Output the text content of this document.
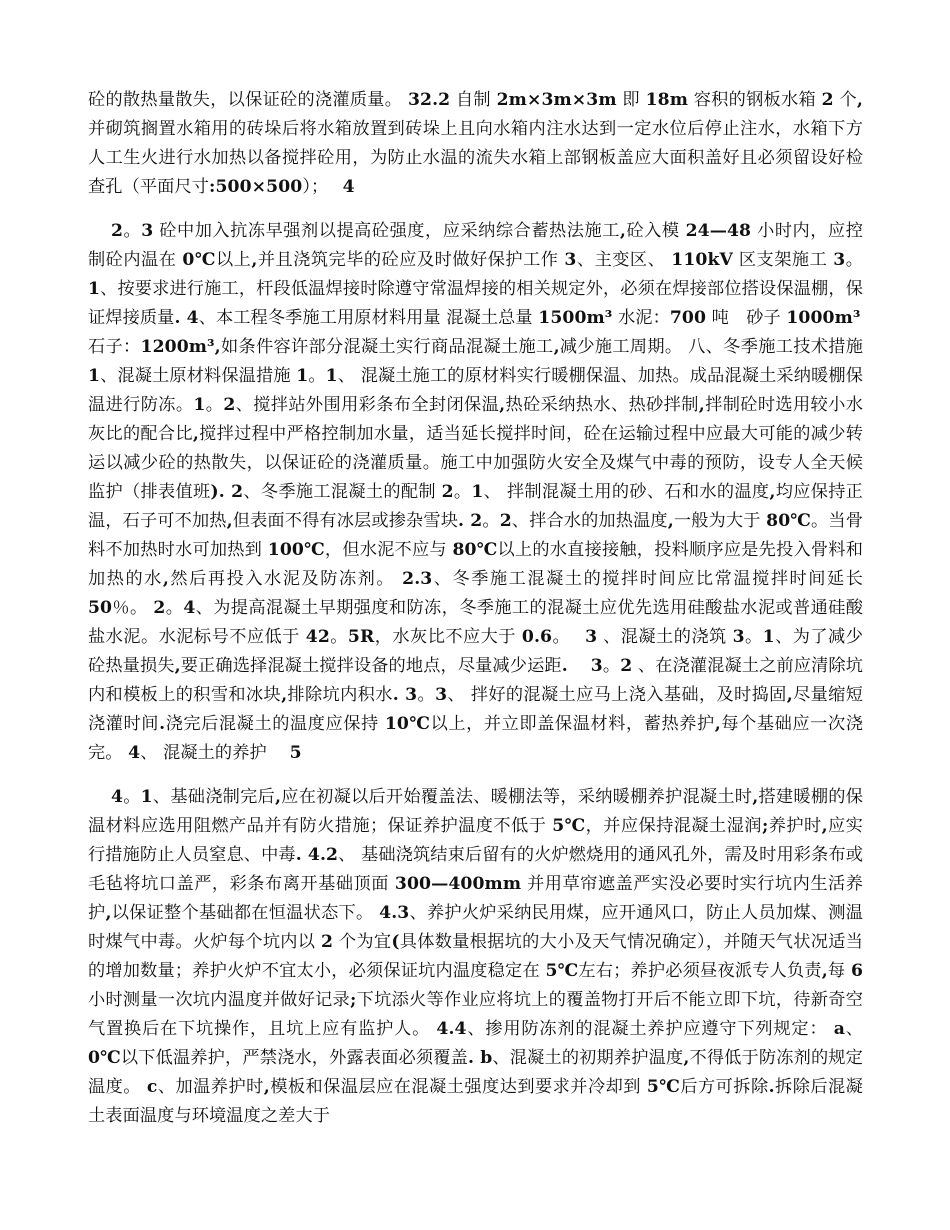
砼的散热量散失，以保证砼的浇灌质量。 32.2 自制 2m×3m×3m 即 18m 容积的钢板水箱 2 个,并砌筑搁置水箱用的砖垛后将水箱放置到砖垛上且向水箱内注水达到一定水位后停止注水，水箱下方人工生火进行水加热以备搅拌砼用，为防止水温的流失水箱上部钢板盖应大面积盖好且必须留设好检查孔（平面尺寸:500×500）；　 4

2。3 砼中加入抗冻早强剂以提高砼强度，应采纳综合蓄热法施工,砼入模 24—48 小时内，应控制砼内温在 0℃以上,并且浇筑完毕的砼应及时做好保护工作 3、主变区、 110kV 区支架施工 3。1、按要求进行施工，杆段低温焊接时除遵守常温焊接的相关规定外，必须在焊接部位搭设保温棚，保证焊接质量. 4、本工程冬季施工用原材料用量 混凝土总量 1500m³ 水泥：700 吨　砂子 1000m³　 石子：1200m³,如条件容许部分混凝土实行商品混凝土施工,减少施工周期。 八、冬季施工技术措施 1、混凝土原材料保温措施 1。1、 混凝土施工的原材料实行暖棚保温、加热。成品混凝土采纳暖棚保温进行防冻。1。2、搅拌站外围用彩条布全封闭保温,热砼采纳热水、热砂拌制,拌制砼时选用较小水灰比的配合比,搅拌过程中严格控制加水量，适当延长搅拌时间，砼在运输过程中应最大可能的减少转运以减少砼的热散失，以保证砼的浇灌质量。施工中加强防火安全及煤气中毒的预防，设专人全天候监护（排表值班). 2、冬季施工混凝土的配制 2。1、 拌制混凝土用的砂、石和水的温度,均应保持正温，石子可不加热,但表面不得有冰层或掺杂雪块. 2。2、拌合水的加热温度,一般为大于 80℃。当骨料不加热时水可加热到 100℃，但水泥不应与 80℃以上的水直接接触，投料顺序应是先投入骨料和加热的水,然后再投入水泥及防冻剂。 2.3、冬季施工混凝土的搅拌时间应比常温搅拌时间延长 50％。 2。4、为提高混凝土早期强度和防冻，冬季施工的混凝土应优先选用硅酸盐水泥或普通硅酸盐水泥。水泥标号不应低于 42。5R，水灰比不应大于 0.6。　 3 、混凝土的浇筑 3。1、为了减少砼热量损失,要正确选择混凝土搅拌设备的地点，尽量减少运距.　 3。2 、在浇灌混凝土之前应清除坑内和模板上的积雪和冰块,排除坑内积水. 3。3、 拌好的混凝土应马上浇入基础，及时捣固,尽量缩短浇灌时间.浇完后混凝土的温度应保持 10℃以上，并立即盖保温材料，蓄热养护,每个基础应一次浇完。 4、 混凝土的养护　 5

4。1、基础浇制完后,应在初凝以后开始覆盖法、暖棚法等，采纳暖棚养护混凝土时,搭建暖棚的保温材料应选用阻燃产品并有防火措施；保证养护温度不低于 5℃，并应保持混凝土湿润;养护时,应实行措施防止人员窒息、中毒. 4.2、 基础浇筑结束后留有的火炉燃烧用的通风孔外，需及时用彩条布或毛毡将坑口盖严，彩条布离开基础顶面 300—400mm 并用草帘遮盖严实没必要时实行坑内生活养护,以保证整个基础都在恒温状态下。 4.3、养护火炉采纳民用煤，应开通风口，防止人员加煤、测温时煤气中毒。火炉每个坑内以 2 个为宜(具体数量根据坑的大小及天气情况确定），并随天气状况适当的增加数量；养护火炉不宜太小，必须保证坑内温度稳定在 5℃左右；养护必须昼夜派专人负责,每 6 小时测量一次坑内温度并做好记录;下坑添火等作业应将坑上的覆盖物打开后不能立即下坑，待新奇空气置换后在下坑操作，且坑上应有监护人。 4.4、掺用防冻剂的混凝土养护应遵守下列规定： a、0℃以下低温养护，严禁浇水，外露表面必须覆盖. b、混凝土的初期养护温度,不得低于防冻剂的规定温度。 c、加温养护时,模板和保温层应在混凝土强度达到要求并冷却到 5℃后方可拆除.拆除后混凝土表面温度与环境温度之差大于
